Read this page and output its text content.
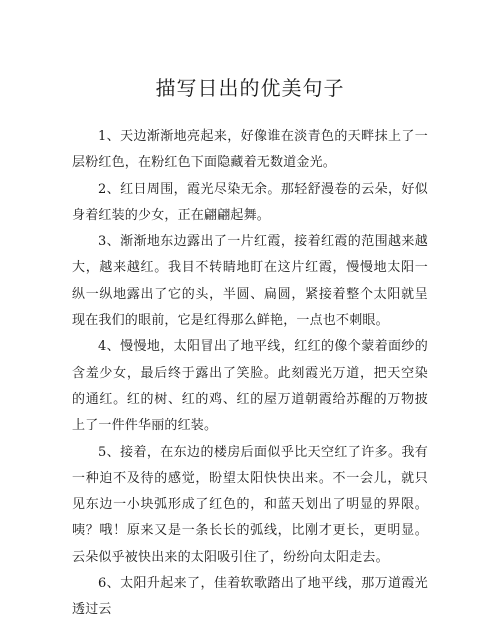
描写日出的优美句子

1、天边渐渐地亮起来，好像谁在淡青色的天畔抹上了一层粉红色，在粉红色下面隐藏着无数道金光。

2、红日周围，霞光尽染无余。那轻舒漫卷的云朵，好似身着红装的少女，正在翩翩起舞。

3、渐渐地东边露出了一片红霞，接着红霞的范围越来越大，越来越红。我目不转睛地盯在这片红霞，慢慢地太阳一纵一纵地露出了它的头，半圆、扁圆，紧接着整个太阳就呈现在我们的眼前，它是红得那么鲜艳，一点也不刺眼。

4、慢慢地，太阳冒出了地平线，红红的像个蒙着面纱的含羞少女，最后终于露出了笑脸。此刻霞光万道，把天空染的通红。红的树、红的鸡、红的屋万道朝霞给苏醒的万物披上了一件件华丽的红装。

5、接着，在东边的楼房后面似乎比天空红了许多。我有一种迫不及待的感觉，盼望太阳快快出来。不一会儿，就只见东边一小块弧形成了红色的，和蓝天划出了明显的界限。咦？哦！原来又是一条长长的弧线，比刚才更长，更明显。云朵似乎被快出来的太阳吸引住了，纷纷向太阳走去。

6、太阳升起来了，佳着软歌踏出了地平线，那万道霞光透过云
